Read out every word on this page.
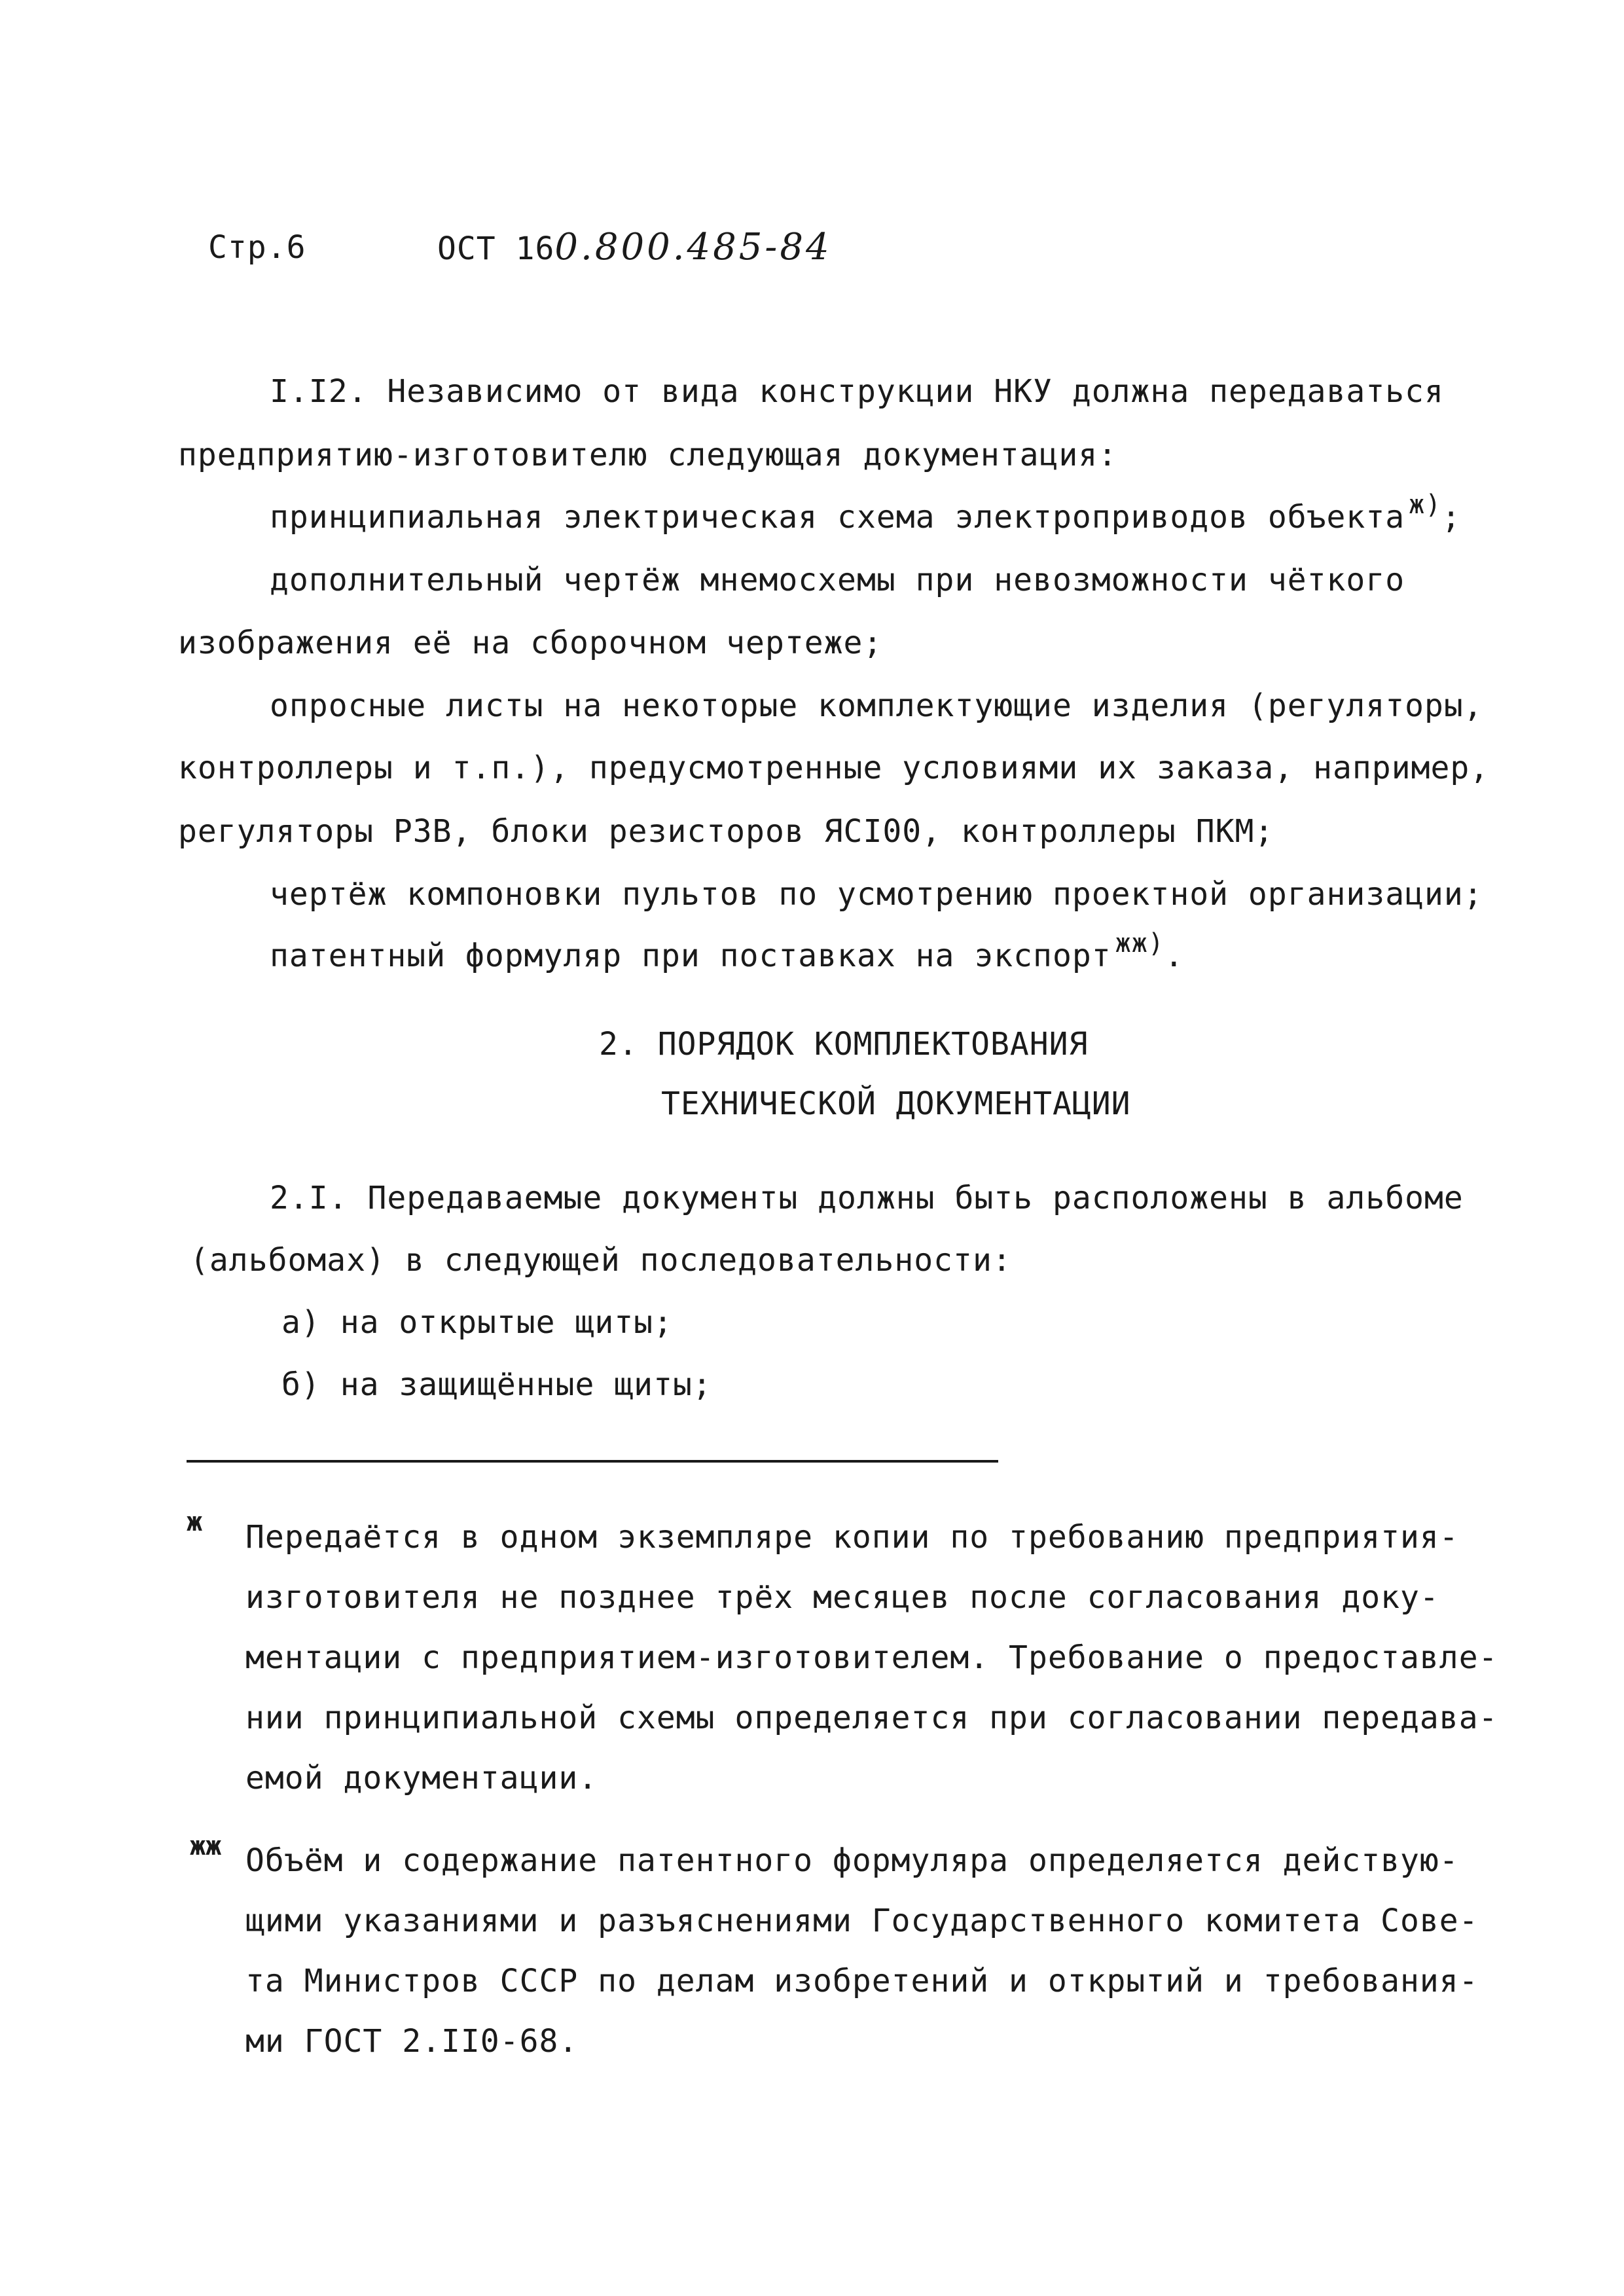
Стр.6	ОСТ 160.800.485-84
I.I2. Независимо от вида конструкции НКУ должна передаваться
предприятию-изготовителю следующая документация:
принципиальная электрическая схема электроприводов объекта $^{ж)}$;
дополнительный чертёж мнемосхемы при невозможности чёткого
изображения её на сборочном чертеже;
опросные листы на некоторые комплектующие изделия (регуляторы,
контроллеры и т.п.), предусмотренные условиями их заказа, например,
регуляторы РЗВ, блоки резисторов ЯСI00, контроллеры ПКМ;
чертёж компоновки пультов по усмотрению проектной организации;
патентный формуляр при поставках на экспорт $^{жж)}$.
2. ПОРЯДОК КОМПЛЕКТОВАНИЯ
ТЕХНИЧЕСКОЙ ДОКУМЕНТАЦИИ
2.I. Передаваемые документы должны быть расположены в альбоме
(альбомах) в следующей последовательности:
а) на открытые щиты;
б) на защищённые щиты;
ж Передаётся в одном экземпляре копии по требованию предприятия-
изготовителя не позднее трёх месяцев после согласования доку-
ментации с предприятием-изготовителем. Требование о предоставле-
нии принципиальной схемы определяется при согласовании передава-
емой документации.
жж Объём и содержание патентного формуляра определяется действую-
щими указаниями и разъяснениями Государственного комитета Сове-
та Министров СССР по делам изобретений и открытий и требования-
ми ГОСТ 2.II0-68.
